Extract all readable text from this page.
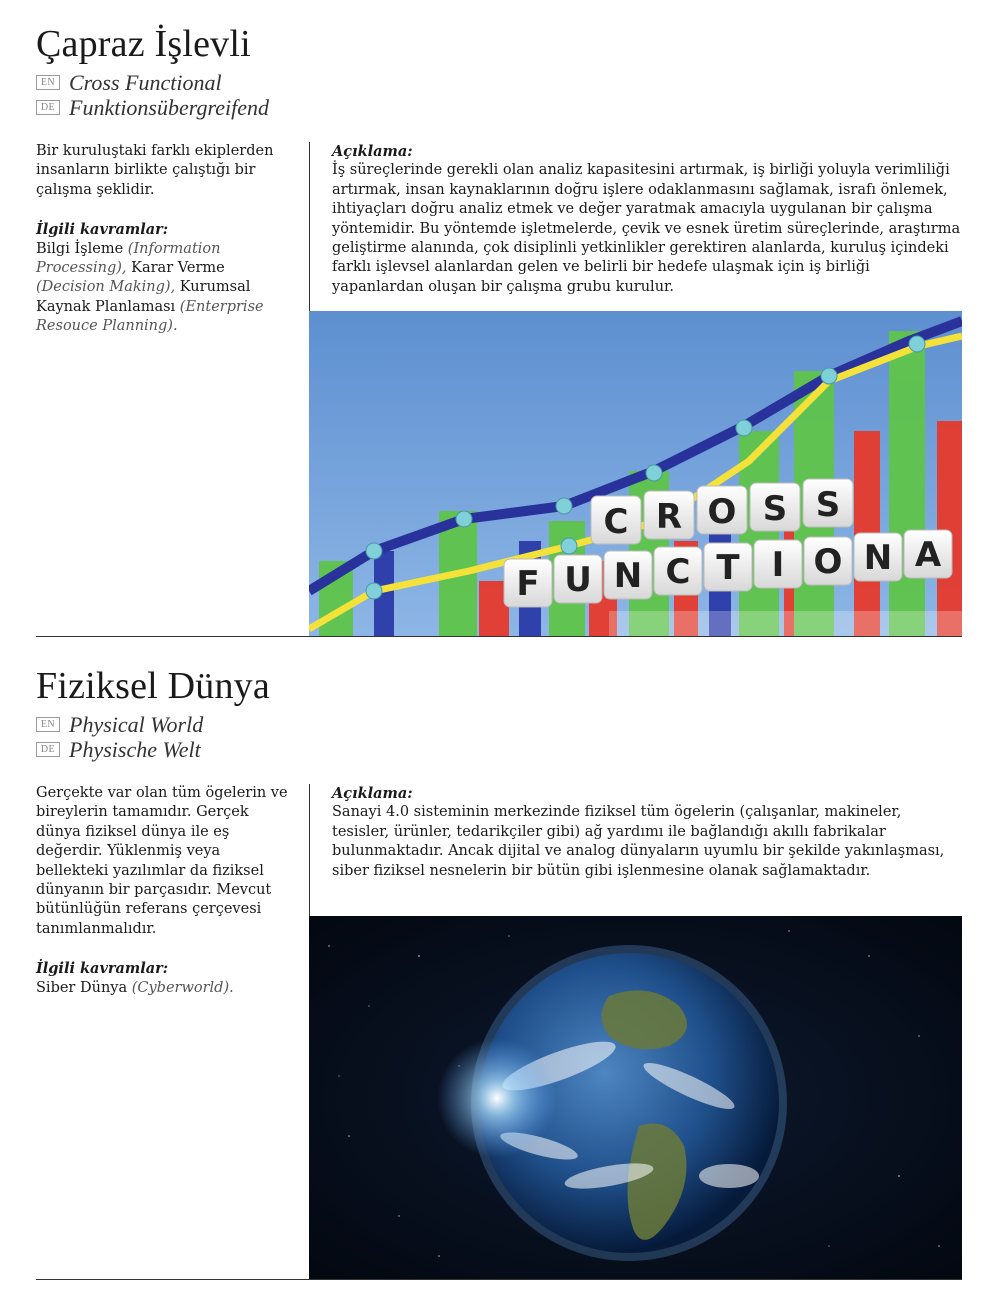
Çapraz İşlevli
EN Cross Functional
DE Funktionsübergreifend

Bir kuruluştaki farklı ekiplerden insanların birlikte çalıştığı bir çalışma şeklidir.

İlgili kavramlar:

Bilgi İşleme (Information Processing), Karar Verme (Decision Making), Kurumsal Kaynak Planlaması (Enterprise Resouce Planning).

Açıklama:

İş süreçlerinde gerekli olan analiz kapasitesini artırmak, iş birliği yoluyla verimliliği artırmak, insan kaynaklarının doğru işlere odaklanmasını sağlamak, israfı önlemek, ihtiyaçları doğru analiz etmek ve değer yaratmak amacıyla uygulanan bir çalışma yöntemidir. Bu yöntemde işletmelerde, çevik ve esnek üretim süreçlerinde, araştırma geliştirme alanında, çok disiplinli yetkinlikler gerektiren alanlarda, kuruluş içindeki farklı işlevsel alanlardan gelen ve belirli bir hedefe ulaşmak için iş birliği yapanlardan oluşan bir çalışma grubu kurulur.

C R O S S
F U N C T I O N A
Fiziksel Dünya
EN Physical World
DE Physische Welt

Gerçekte var olan tüm ögelerin ve bireylerin tamamıdır. Gerçek dünya fiziksel dünya ile eş değerdir. Yüklenmiş veya bellekteki yazılımlar da fiziksel dünyanın bir parçasıdır. Mevcut bütünlüğün referans çerçevesi tanımlanmalıdır.

İlgili kavramlar:

Siber Dünya (Cyberworld).

Açıklama:

Sanayi 4.0 sisteminin merkezinde fiziksel tüm ögelerin (çalışanlar, makineler, tesisler, ürünler, tedarikçiler gibi) ağ yardımı ile bağlandığı akıllı fabrikalar bulunmaktadır. Ancak dijital ve analog dünyaların uyumlu bir şekilde yakınlaşması, siber fiziksel nesnelerin bir bütün gibi işlenmesine olanak sağlamaktadır.
